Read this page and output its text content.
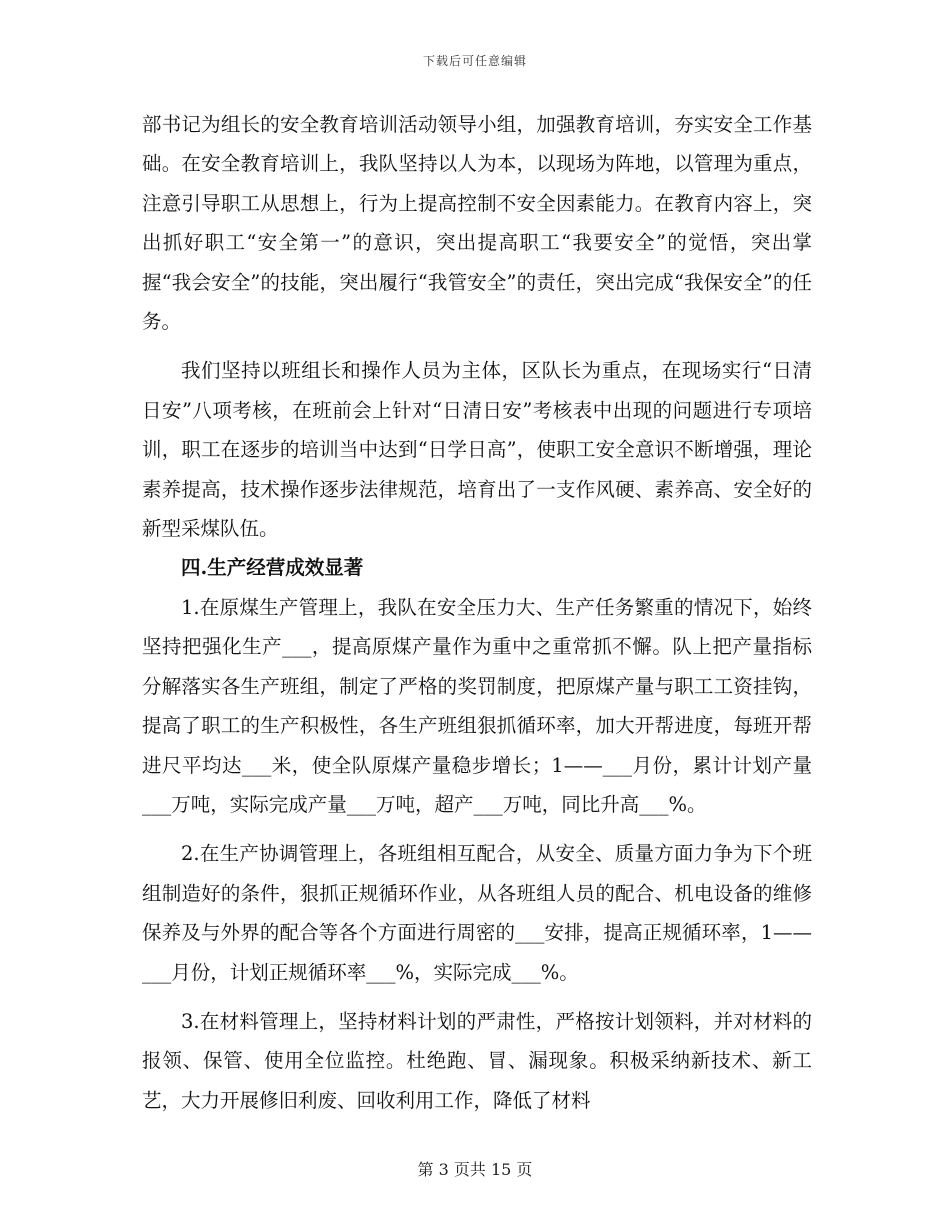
下载后可任意编辑

部书记为组长的安全教育培训活动领导小组，加强教育培训，夯实安全工作基础。在安全教育培训上，我队坚持以人为本，以现场为阵地，以管理为重点，注意引导职工从思想上，行为上提高控制不安全因素能力。在教育内容上，突出抓好职工“安全第一”的意识，突出提高职工“我要安全”的觉悟，突出掌握“我会安全”的技能，突出履行“我管安全”的责任，突出完成“我保安全”的任务。

我们坚持以班组长和操作人员为主体，区队长为重点，在现场实行“日清日安”八项考核，在班前会上针对“日清日安”考核表中出现的问题进行专项培训，职工在逐步的培训当中达到“日学日高”，使职工安全意识不断增强，理论素养提高，技术操作逐步法律规范，培育出了一支作风硬、素养高、安全好的新型采煤队伍。

四.生产经营成效显著

1.在原煤生产管理上，我队在安全压力大、生产任务繁重的情况下，始终坚持把强化生产___，提高原煤产量作为重中之重常抓不懈。队上把产量指标分解落实各生产班组，制定了严格的奖罚制度，把原煤产量与职工工资挂钩，提高了职工的生产积极性，各生产班组狠抓循环率，加大开帮进度，每班开帮进尺平均达___米，使全队原煤产量稳步增长；1——___月份，累计计划产量___万吨，实际完成产量___万吨，超产___万吨，同比升高___%。

2.在生产协调管理上，各班组相互配合，从安全、质量方面力争为下个班组制造好的条件，狠抓正规循环作业，从各班组人员的配合、机电设备的维修保养及与外界的配合等各个方面进行周密的___安排，提高正规循环率，1——___月份，计划正规循环率___%，实际完成___%。

3.在材料管理上，坚持材料计划的严肃性，严格按计划领料，并对材料的报领、保管、使用全位监控。杜绝跑、冒、漏现象。积极采纳新技术、新工艺，大力开展修旧利废、回收利用工作，降低了材料

第 3 页共 15 页
